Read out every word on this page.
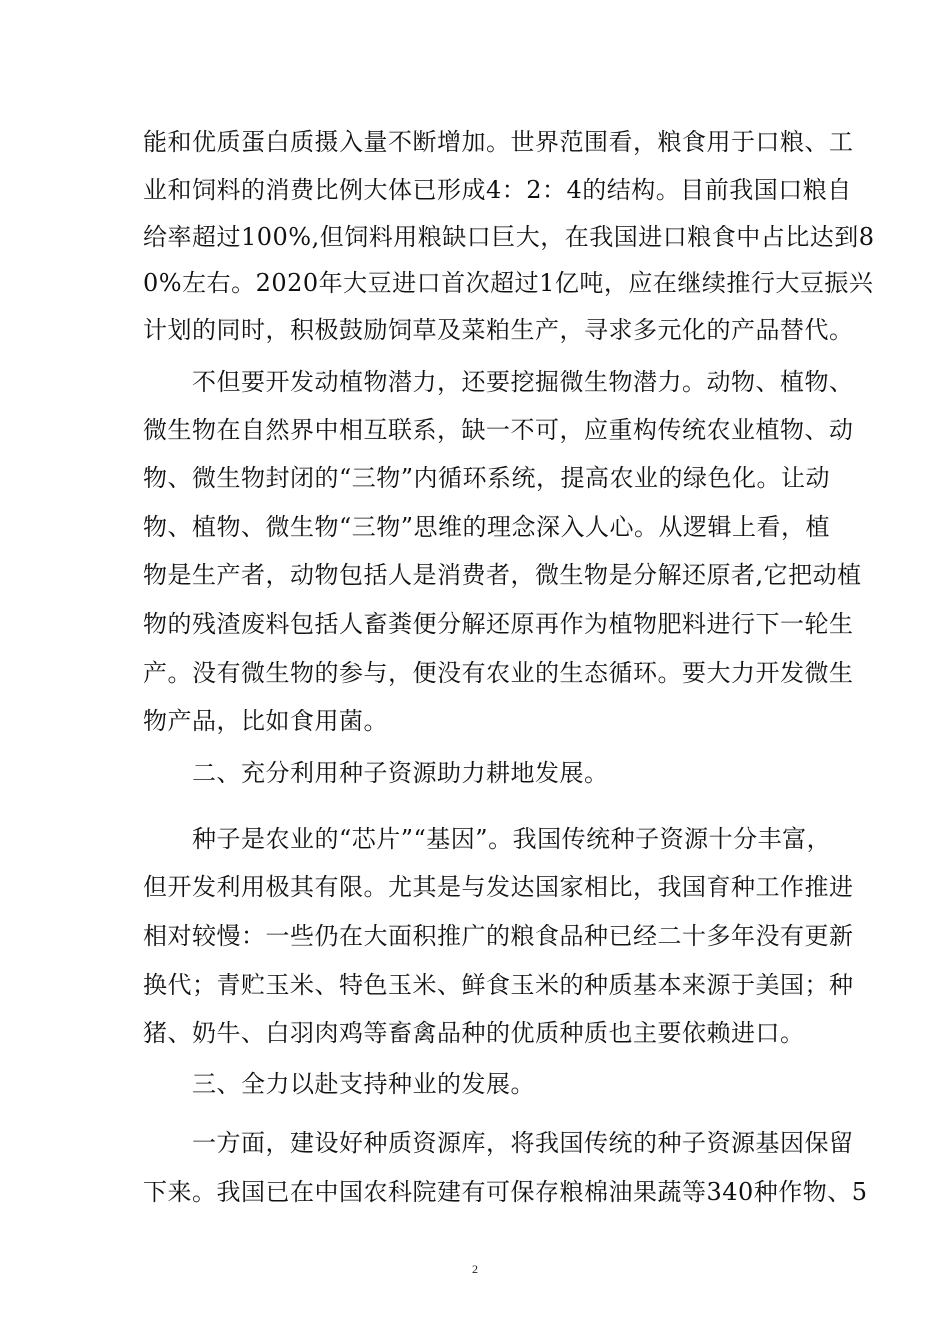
能和优质蛋白质摄入量不断增加。世界范围看，粮食用于口粮、工
业和饲料的消费比例大体已形成4：2：4的结构。目前我国口粮自
给率超过100%,但饲料用粮缺口巨大，在我国进口粮食中占比达到8
0%左右。2020年大豆进口首次超过1亿吨，应在继续推行大豆振兴
计划的同时，积极鼓励饲草及菜粕生产，寻求多元化的产品替代。
　　不但要开发动植物潜力，还要挖掘微生物潜力。动物、植物、
微生物在自然界中相互联系，缺一不可，应重构传统农业植物、动
物、微生物封闭的“三物”内循环系统，提高农业的绿色化。让动
物、植物、微生物“三物”思维的理念深入人心。从逻辑上看，植
物是生产者，动物包括人是消费者，微生物是分解还原者,它把动植
物的残渣废料包括人畜粪便分解还原再作为植物肥料进行下一轮生
产。没有微生物的参与，便没有农业的生态循环。要大力开发微生
物产品，比如食用菌。
　　二、充分利用种子资源助力耕地发展。
　　种子是农业的“芯片”“基因”。我国传统种子资源十分丰富，
但开发利用极其有限。尤其是与发达国家相比，我国育种工作推进
相对较慢：一些仍在大面积推广的粮食品种已经二十多年没有更新
换代；青贮玉米、特色玉米、鲜食玉米的种质基本来源于美国；种
猪、奶牛、白羽肉鸡等畜禽品种的优质种质也主要依赖进口。
　　三、全力以赴支持种业的发展。
　　一方面，建设好种质资源库，将我国传统的种子资源基因保留
下来。我国已在中国农科院建有可保存粮棉油果蔬等340种作物、5
2
